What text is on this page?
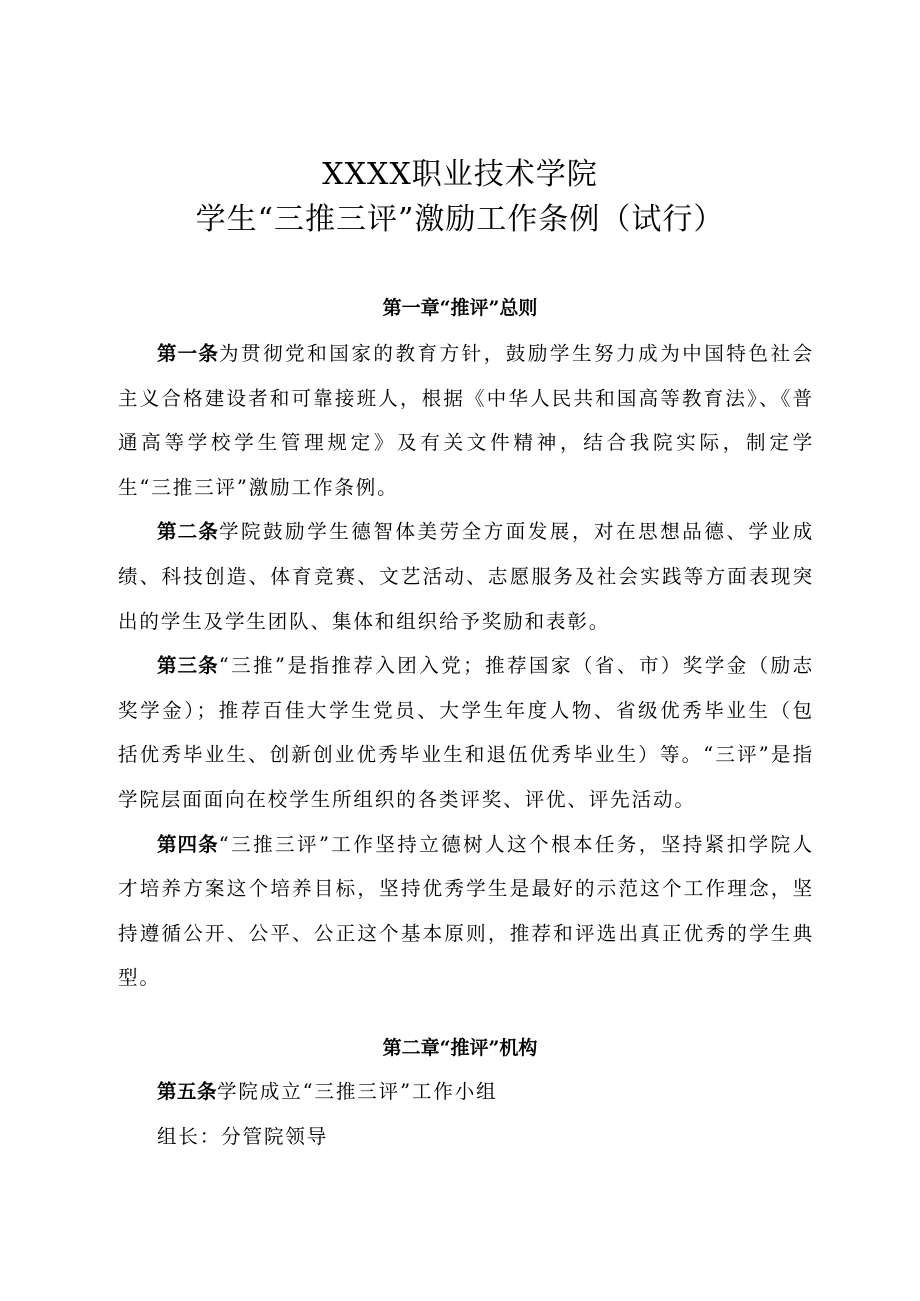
XXXX职业技术学院
学生“三推三评”激励工作条例（试行）
第一章“推评”总则

第一条为贯彻党和国家的教育方针，鼓励学生努力成为中国特色社会主义合格建设者和可靠接班人，根据《中华人民共和国高等教育法》、《普通高等学校学生管理规定》及有关文件精神，结合我院实际，制定学生“三推三评”激励工作条例。

第二条学院鼓励学生德智体美劳全方面发展，对在思想品德、学业成绩、科技创造、体育竞赛、文艺活动、志愿服务及社会实践等方面表现突出的学生及学生团队、集体和组织给予奖励和表彰。

第三条“三推”是指推荐入团入党；推荐国家（省、市）奖学金（励志奖学金）；推荐百佳大学生党员、大学生年度人物、省级优秀毕业生（包括优秀毕业生、创新创业优秀毕业生和退伍优秀毕业生）等。“三评”是指学院层面面向在校学生所组织的各类评奖、评优、评先活动。

第四条“三推三评”工作坚持立德树人这个根本任务，坚持紧扣学院人才培养方案这个培养目标，坚持优秀学生是最好的示范这个工作理念，坚持遵循公开、公平、公正这个基本原则，推荐和评选出真正优秀的学生典型。

第二章“推评”机构

第五条学院成立“三推三评”工作小组

组长：分管院领导
